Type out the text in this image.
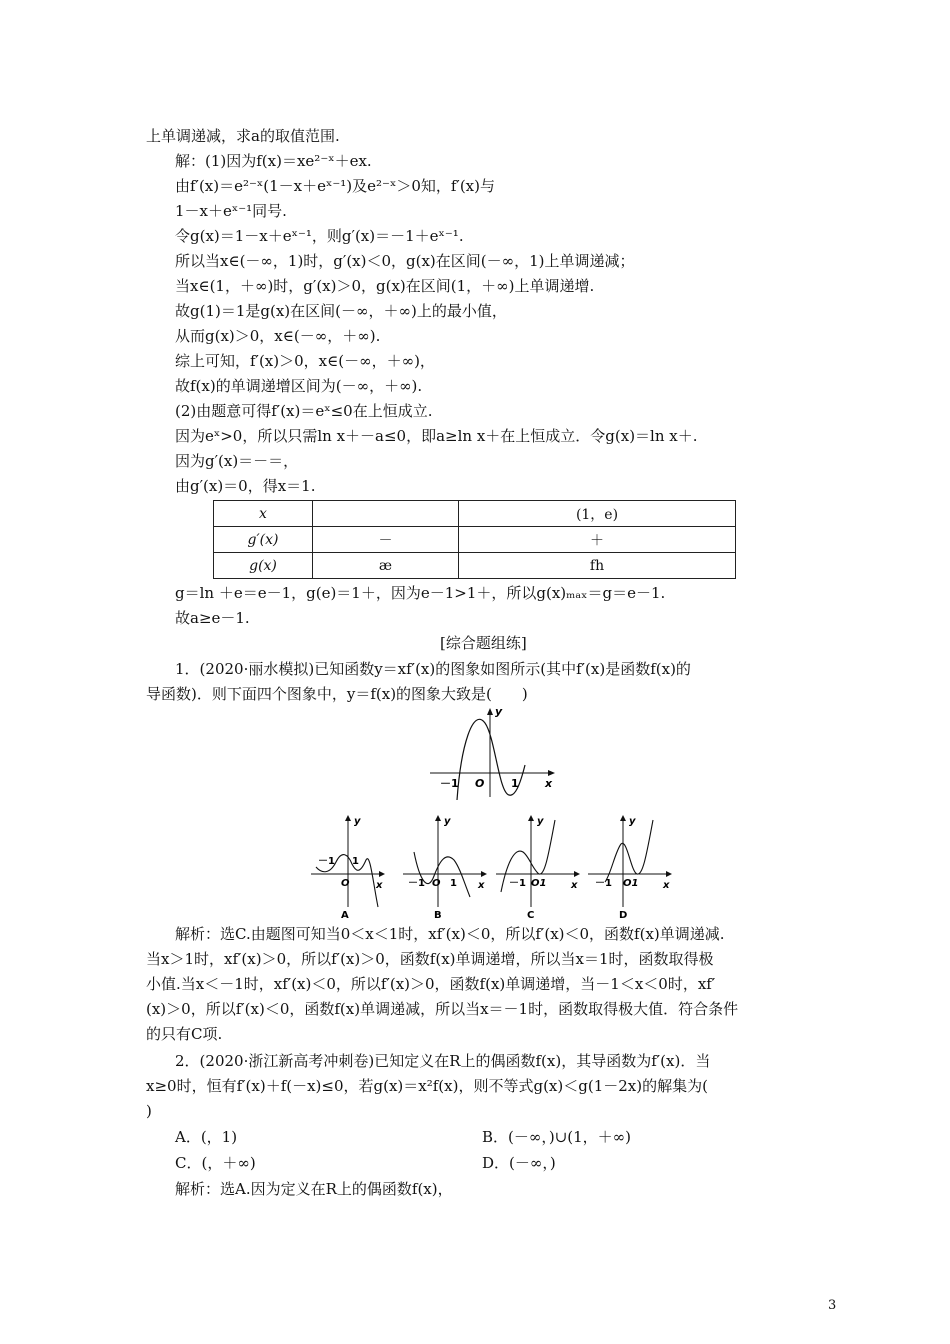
上单调递减，求a的取值范围.
解：(1)因为f(x)＝xe²⁻ˣ＋ex.
由f′(x)＝e²⁻ˣ(1－x＋eˣ⁻¹)及e²⁻ˣ＞0知，f′(x)与
1－x＋eˣ⁻¹同号.
令g(x)＝1－x＋eˣ⁻¹，则g′(x)＝－1＋eˣ⁻¹.
所以当x∈(－∞，1)时，g′(x)＜0，g(x)在区间(－∞，1)上单调递减；
当x∈(1，＋∞)时，g′(x)＞0，g(x)在区间(1，＋∞)上单调递增.
故g(1)＝1是g(x)在区间(－∞，＋∞)上的最小值，
从而g(x)＞0，x∈(－∞，＋∞).
综上可知，f′(x)＞0，x∈(－∞，＋∞)，
故f(x)的单调递增区间为(－∞，＋∞).
(2)由题意可得f′(x)＝eˣ≤0在上恒成立.
因为eˣ>0，所以只需ln x＋－a≤0，即a≥ln x＋在上恒成立．令g(x)＝ln x＋.
因为g′(x)＝－＝，
由g′(x)＝0，得x＝1.
x		(1，e)
g′(x)	－	＋
g(x)	æ	fh
g＝ln ＋e＝e－1，g(e)＝1＋，因为e－1>1＋，所以g(x)ₘₐₓ＝g＝e－1.
故a≥e－1.
[综合题组练]
1．(2020·丽水模拟)已知函数y＝xf′(x)的图象如图所示(其中f′(x)是函数f(x)的
导函数)．则下面四个图象中，y＝f(x)的图象大致是(　　)
y
x
－1 O 1
y
x
－1
O
1
A
y
x
－1 O 1
B
y
x
－1 O1
C
y
x
－1 O1
D
解析：选C.由题图可知当0＜x＜1时，xf′(x)＜0，所以f′(x)＜0，函数f(x)单调递减.
当x＞1时，xf′(x)＞0，所以f′(x)＞0，函数f(x)单调递增，所以当x＝1时，函数取得极
小值.当x＜－1时，xf′(x)＜0，所以f′(x)＞0，函数f(x)单调递增，当－1＜x＜0时，xf′
(x)＞0，所以f′(x)＜0，函数f(x)单调递减，所以当x＝－1时，函数取得极大值．符合条件
的只有C项.
2．(2020·浙江新高考冲刺卷)已知定义在R上的偶函数f(x)，其导函数为f′(x)．当
x≥0时，恒有f′(x)＋f(－x)≤0，若g(x)＝x²f(x)，则不等式g(x)＜g(1－2x)的解集为(
)
A．(，1)	B．(－∞，)∪(1，＋∞)
C．(，＋∞)	D．(－∞，)
解析：选A.因为定义在R上的偶函数f(x)，
3
